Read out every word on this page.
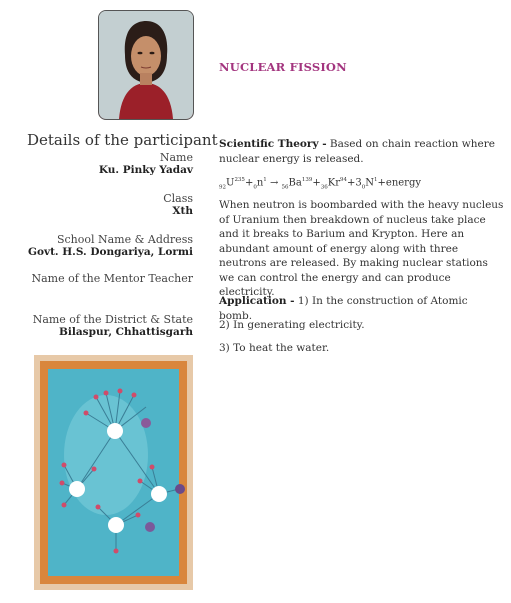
NUCLEAR FISSION
Details of the participant
Name
Ku. Pinky Yadav
Class
Xth
School Name & Address
Govt. H.S. Dongariya, Lormi
Name of the Mentor Teacher
Name of the District & State
Bilaspur, Chhattisgarh
Scientific Theory - Based on chain reaction where nuclear energy is released.
$_{92}U^{235}+_0n^1$ → $_{56}Ba^{139}+_{36}Kr^{94}+3_0N^1+energy$
When neutron is boombarded with the heavy nucleus of Uranium then breakdown of nucleus take place and it breaks to Barium and Krypton. Here an abundant amount of energy along with three neutrons are released. By making nuclear stations we can control the energy and can produce electricity.
Application - 1) In the construction of Atomic bomb.
2) In generating electricity.
3) To heat the water.
